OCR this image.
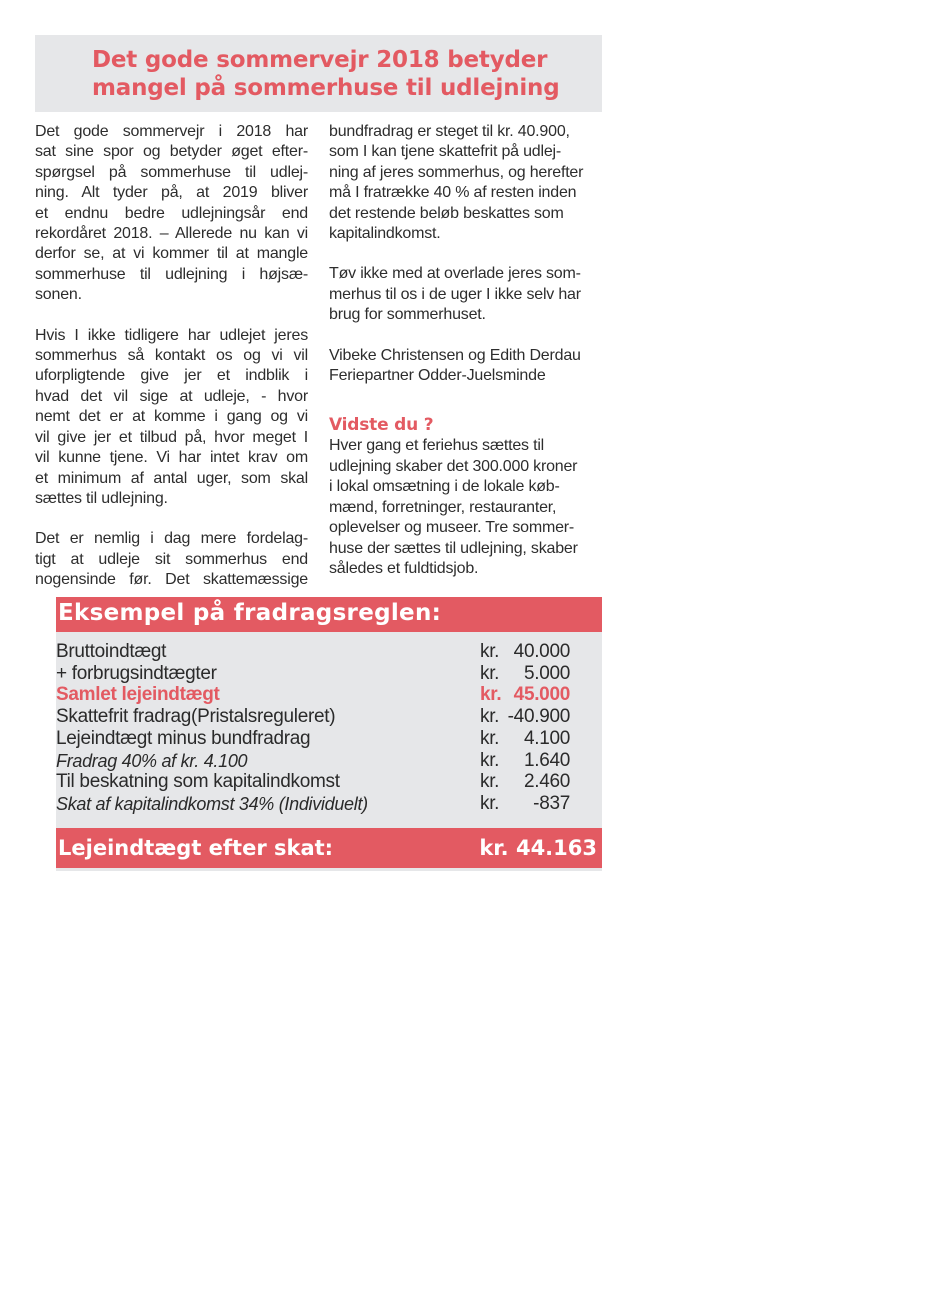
Det gode sommervejr 2018 betyder
mangel på sommerhuse til udlejning

Det gode sommervejr i 2018 har
sat sine spor og betyder øget efter-
spørgsel på sommerhuse til udlej-
ning. Alt tyder på, at 2019 bliver
et endnu bedre udlejningsår end
rekordåret 2018. – Allerede nu kan vi
derfor se, at vi kommer til at mangle
sommerhuse til udlejning i højsæ-
sonen.

Hvis I ikke tidligere har udlejet jeres
sommerhus så kontakt os og vi vil
uforpligtende give jer et indblik i
hvad det vil sige at udleje, - hvor
nemt det er at komme i gang og vi
vil give jer et tilbud på, hvor meget I
vil kunne tjene. Vi har intet krav om
et minimum af antal uger, som skal
sættes til udlejning.

Det er nemlig i dag mere fordelag-
tigt at udleje sit sommerhus end
nogensinde før. Det skattemæssige

bundfradrag er steget til kr. 40.900,
som I kan tjene skattefrit på udlej-
ning af jeres sommerhus, og herefter
må I fratrække 40 % af resten inden
det restende beløb beskattes som
kapitalindkomst.

Tøv ikke med at overlade jeres som-
merhus til os i de uger I ikke selv har
brug for sommerhuset.

Vibeke Christensen og Edith Derdau
Feriepartner Odder-Juelsminde

Vidste du ?

Hver gang et feriehus sættes til
udlejning skaber det 300.000 kroner
i lokal omsætning i de lokale køb-
mænd, forretninger, restauranter,
oplevelser og museer. Tre sommer-
huse der sættes til udlejning, skaber
således et fuldtidsjob.

Eksempel på fradragsreglen:
Bruttoindtægt	kr. 40.000
+ forbrugsindtægter	kr. 5.000
Samlet lejeindtægt	kr. 45.000
Skattefrit fradrag(Pristalsreguleret)	kr. -40.900
Lejeindtægt minus bundfradrag	kr. 4.100
Fradrag 40% af kr. 4.100	kr. 1.640
Til beskatning som kapitalindkomst	kr. 2.460
Skat af kapitalindkomst 34% (Individuelt)	kr. -837
Lejeindtægt efter skat:	kr. 44.163
